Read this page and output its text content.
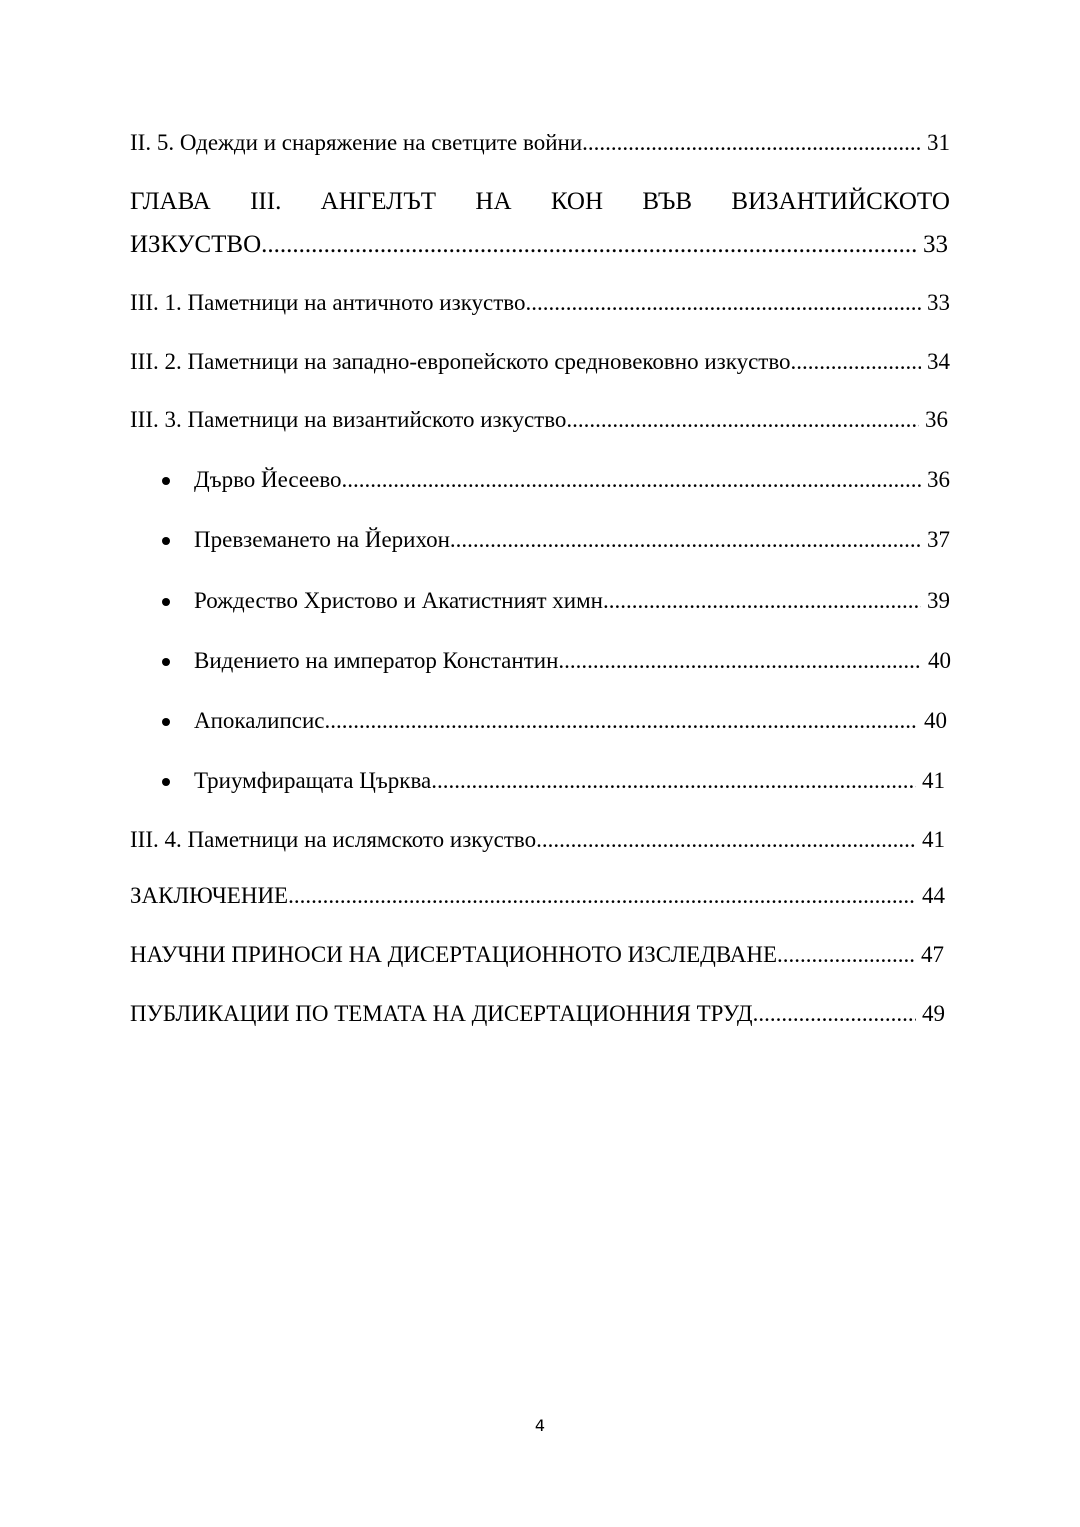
II. 5. Одежди и снаряжение на светците войни .....	31
ГЛАВА III. АНГЕЛЪТ НА КОН ВЪВ ВИЗАНТИЙСКОТО
ИЗКУСТВО .....	33
III. 1. Паметници на античното изкуство .....	33
III. 2. Паметници на западно-европейското средновековно изкуство .....	34
III. 3. Паметници на византийското изкуство .....	36
Дърво Йесеево .....	36
Превземането на Йерихон .....	37
Рождество Христово и Акатистният химн .....	39
Видението на император Константин .....	40
Апокалипсис .....	40
Триумфиращата Църква .....	41
III. 4. Паметници на ислямското изкуство .....	41
ЗАКЛЮЧЕНИЕ .....	44
НАУЧНИ ПРИНОСИ НА ДИСЕРТАЦИОННОТО ИЗСЛЕДВАНЕ .....	47
ПУБЛИКАЦИИ ПО ТЕМАТА НА ДИСЕРТАЦИОННИЯ ТРУД .....	49
4
